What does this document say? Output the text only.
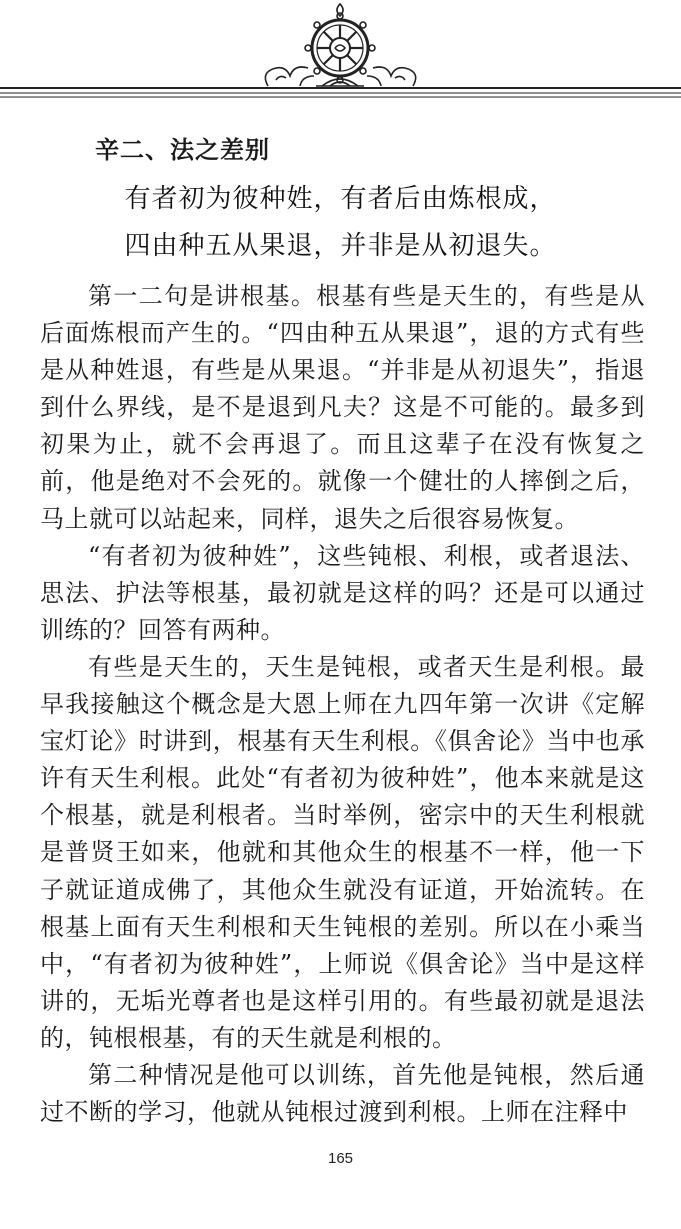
辛二、法之差别

有者初为彼种姓，有者后由炼根成，

四由种五从果退，并非是从初退失。

第一二句是讲根基。根基有些是天生的，有些是从后面炼根而产生的。“四由种五从果退”，退的方式有些是从种姓退，有些是从果退。“并非是从初退失”，指退到什么界线，是不是退到凡夫？这是不可能的。最多到初果为止，就不会再退了。而且这辈子在没有恢复之前，他是绝对不会死的。就像一个健壮的人摔倒之后，马上就可以站起来，同样，退失之后很容易恢复。

“有者初为彼种姓”，这些钝根、利根，或者退法、思法、护法等根基，最初就是这样的吗？还是可以通过训练的？回答有两种。

有些是天生的，天生是钝根，或者天生是利根。最早我接触这个概念是大恩上师在九四年第一次讲《定解宝灯论》时讲到，根基有天生利根。《俱舍论》当中也承许有天生利根。此处“有者初为彼种姓”，他本来就是这个根基，就是利根者。当时举例，密宗中的天生利根就是普贤王如来，他就和其他众生的根基不一样，他一下子就证道成佛了，其他众生就没有证道，开始流转。在根基上面有天生利根和天生钝根的差别。所以在小乘当中，“有者初为彼种姓”，上师说《俱舍论》当中是这样讲的，无垢光尊者也是这样引用的。有些最初就是退法的，钝根根基，有的天生就是利根的。

第二种情况是他可以训练，首先他是钝根，然后通过不断的学习，他就从钝根过渡到利根。上师在注释中

165
